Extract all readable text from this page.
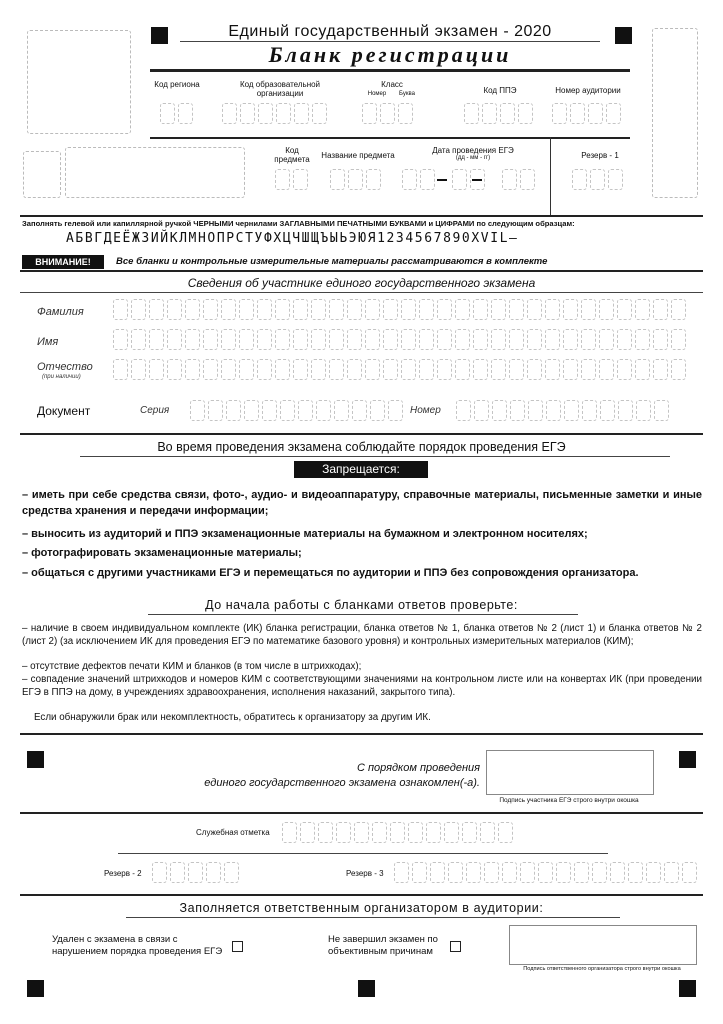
Единый государственный экзамен - 2020
Бланк регистрации
Код региона	Код образовательной организации
Класс
Номер	Буква	Код ППЭ	Номер аудитории
Код предмета	Название предмета
Дата проведения ЕГЭ
(дд - мм - гг)	Резерв - 1
Заполнять гелевой или капиллярной ручкой ЧЕРНЫМИ чернилами ЗАГЛАВНЫМИ ПЕЧАТНЫМИ БУКВАМИ и ЦИФРАМИ по следующим образцам:
АБВГДЕЁЖЗИЙКЛМНОПРСТУФХЦЧШЩЪЫЬЭЮЯ1234567890XVIL–
ВНИМАНИЕ!	Все бланки и контрольные измерительные материалы рассматриваются в комплекте
Сведения об участнике единого государственного экзамена
Фамилия
Имя
Отчество
(при наличии)
Документ	Серия	Номер
Во время проведения экзамена соблюдайте порядок проведения ЕГЭ
Запрещается:
– иметь при себе средства связи, фото-, аудио- и видеоаппаратуру, справочные материалы, письменные заметки и иные средства хранения и передачи информации;
– выносить из аудиторий и ППЭ экзаменационные материалы на бумажном и электронном носителях;
– фотографировать экзаменационные материалы;
– общаться с другими участниками ЕГЭ и перемещаться по аудитории и ППЭ без сопровождения организатора.
До начала работы с бланками ответов проверьте:
– наличие в своем индивидуальном комплекте (ИК) бланка регистрации, бланка ответов № 1, бланка ответов № 2 (лист 1) и бланка ответов № 2 (лист 2) (за исключением ИК для проведения ЕГЭ по математике базового уровня) и контрольных измерительных материалов (КИМ);
– отсутствие дефектов печати КИМ и бланков (в том числе в штрихкодах);
– совпадение значений штрихкодов и номеров КИМ с соответствующими значениями на контрольном листе или на конвертах ИК (при проведении ЕГЭ в ППЭ на дому, в учреждениях здравоохранения, исполнения наказаний, закрытого типа).
Если обнаружили брак или некомплектность, обратитесь к организатору за другим ИК.
С порядком проведения
единого государственного экзамена ознакомлен(-а).
Подпись участника ЕГЭ строго внутри окошка
Служебная отметка
Резерв - 2	Резерв - 3
Заполняется ответственным организатором в аудитории:
Удален с экзамена в связи с нарушением порядка проведения ЕГЭ
Не завершил экзамен по объективным причинам
Подпись ответственного организатора строго внутри окошка
